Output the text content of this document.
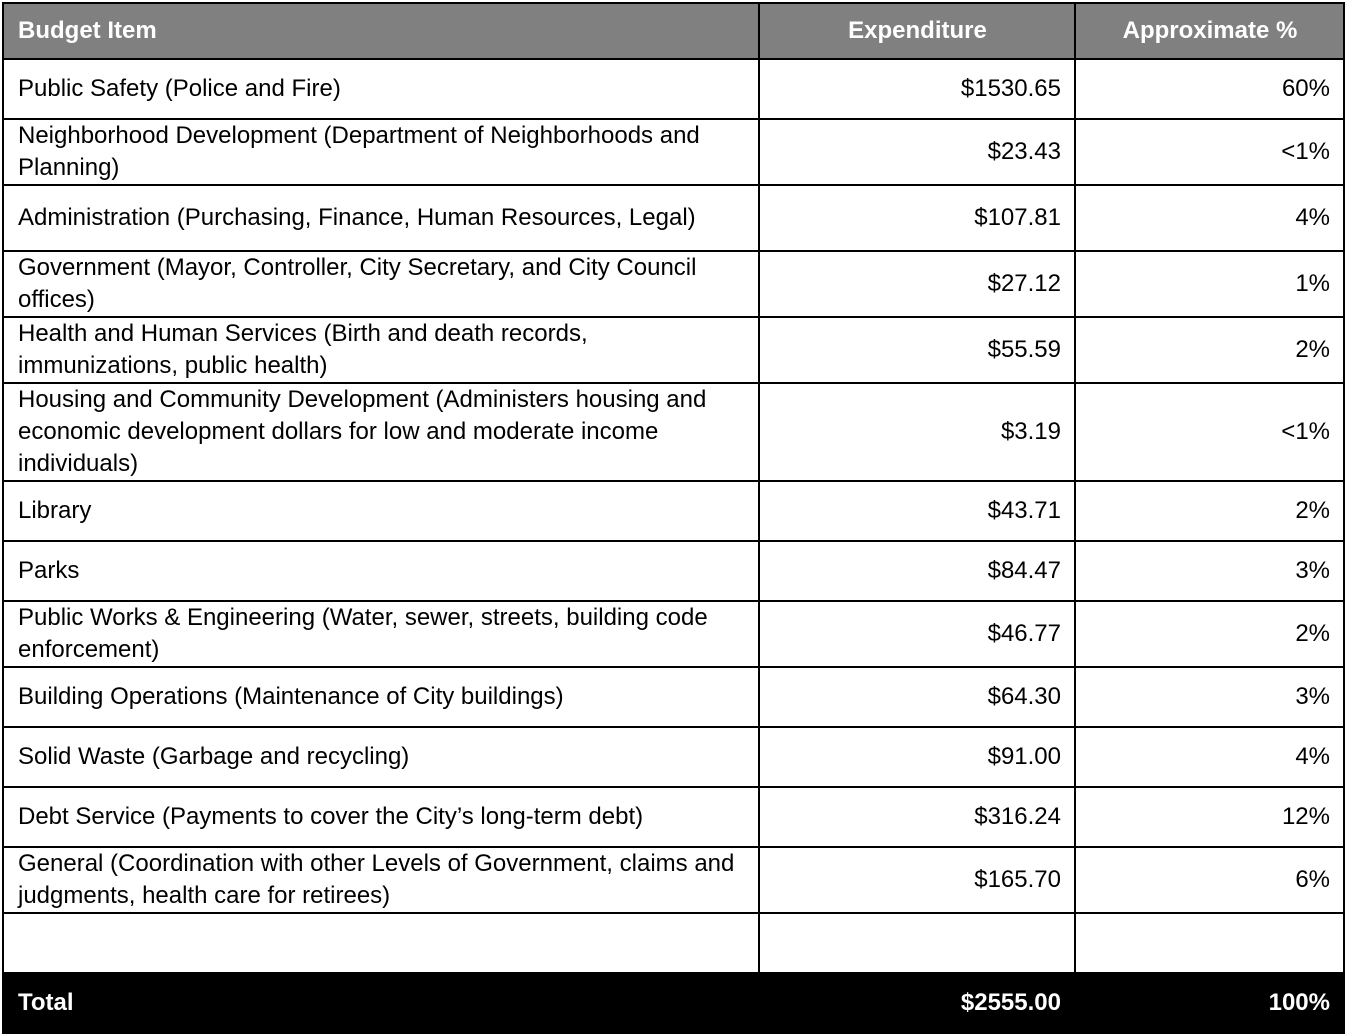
Budget Item	Expenditure	Approximate %
Public Safety (Police and Fire)	$1530.65	60%
Neighborhood Development (Department of Neighborhoods and Planning)	$23.43	<1%
Administration (Purchasing, Finance, Human Resources, Legal)	$107.81	4%
Government (Mayor, Controller, City Secretary, and City Council offices)	$27.12	1%
Health and Human Services (Birth and death records, immunizations, public health)	$55.59	2%
Housing and Community Development (Administers housing and economic development dollars for low and moderate income individuals)	$3.19	<1%
Library	$43.71	2%
Parks	$84.47	3%
Public Works & Engineering (Water, sewer, streets, building code enforcement)	$46.77	2%
Building Operations (Maintenance of City buildings)	$64.30	3%
Solid Waste (Garbage and recycling)	$91.00	4%
Debt Service (Payments to cover the City’s long-term debt)	$316.24	12%
General (Coordination with other Levels of Government, claims and judgments, health care for retirees)	$165.70	6%

Total	$2555.00	100%
